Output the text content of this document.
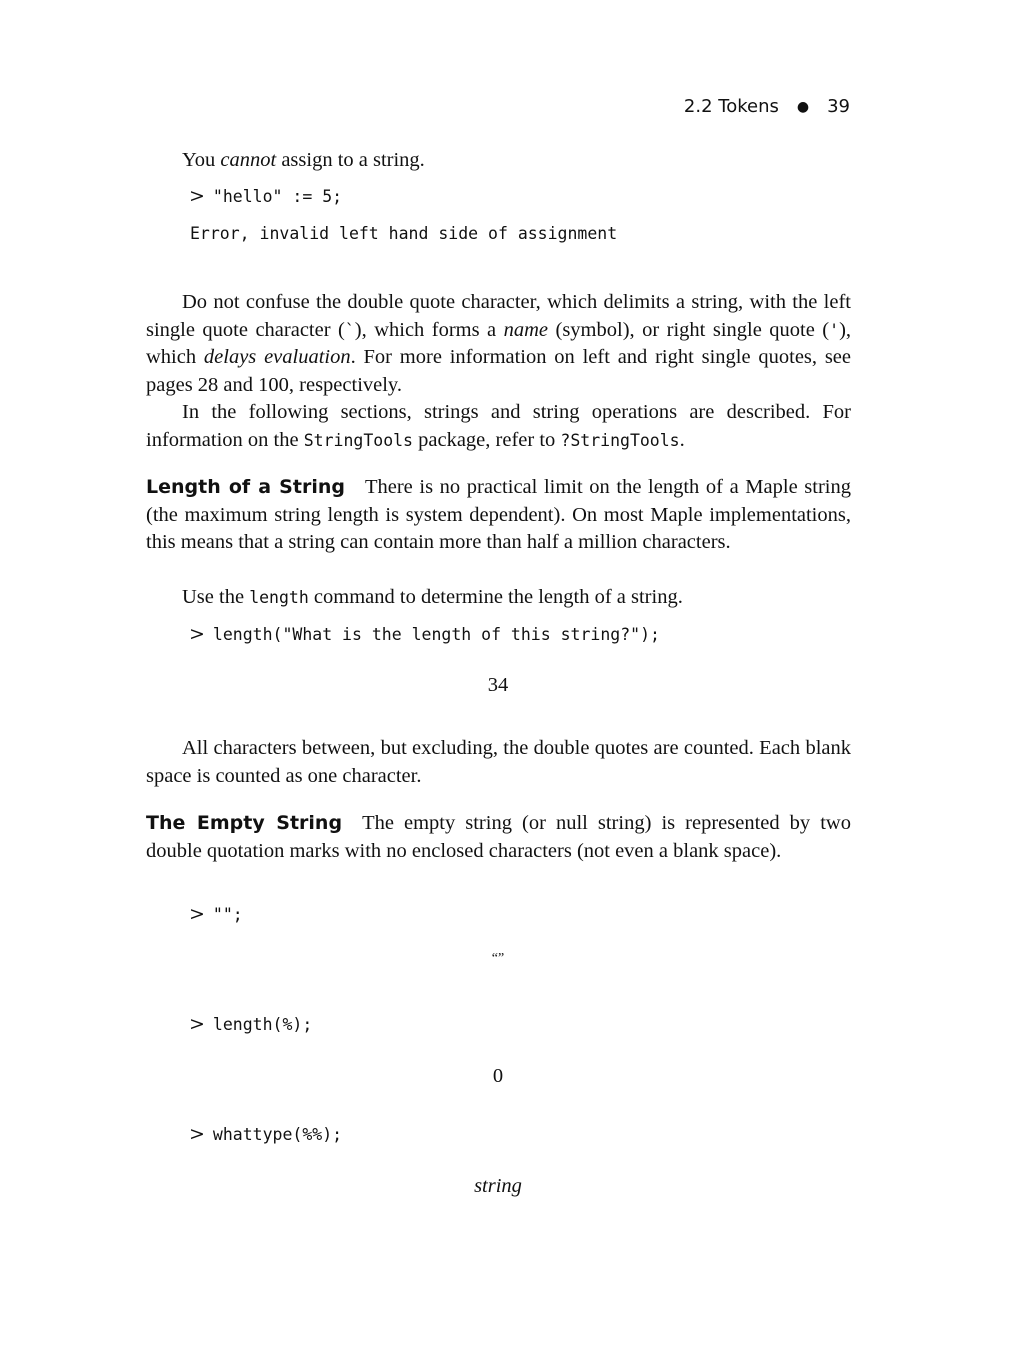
2.2 Tokens ● 39
You cannot assign to a string.
> "hello" := 5;
Error, invalid left hand side of assignment

Do not confuse the double quote character, which delimits a string, with the left single quote character (`), which forms a name (symbol), or right single quote ('), which delays evaluation. For more information on left and right single quotes, see pages 28 and 100, respectively.

In the following sections, strings and string operations are described. For information on the StringTools package, refer to ?StringTools.

Length of a String There is no practical limit on the length of a Maple string (the maximum string length is system dependent). On most Maple implementations, this means that a string can contain more than half a million characters.

Use the length command to determine the length of a string.

> length("What is the length of this string?");
34

All characters between, but excluding, the double quotes are counted. Each blank space is counted as one character.

The Empty String The empty string (or null string) is represented by two double quotation marks with no enclosed characters (not even a blank space).

> "";
“”
> length(%);
0
> whattype(%%);
string
